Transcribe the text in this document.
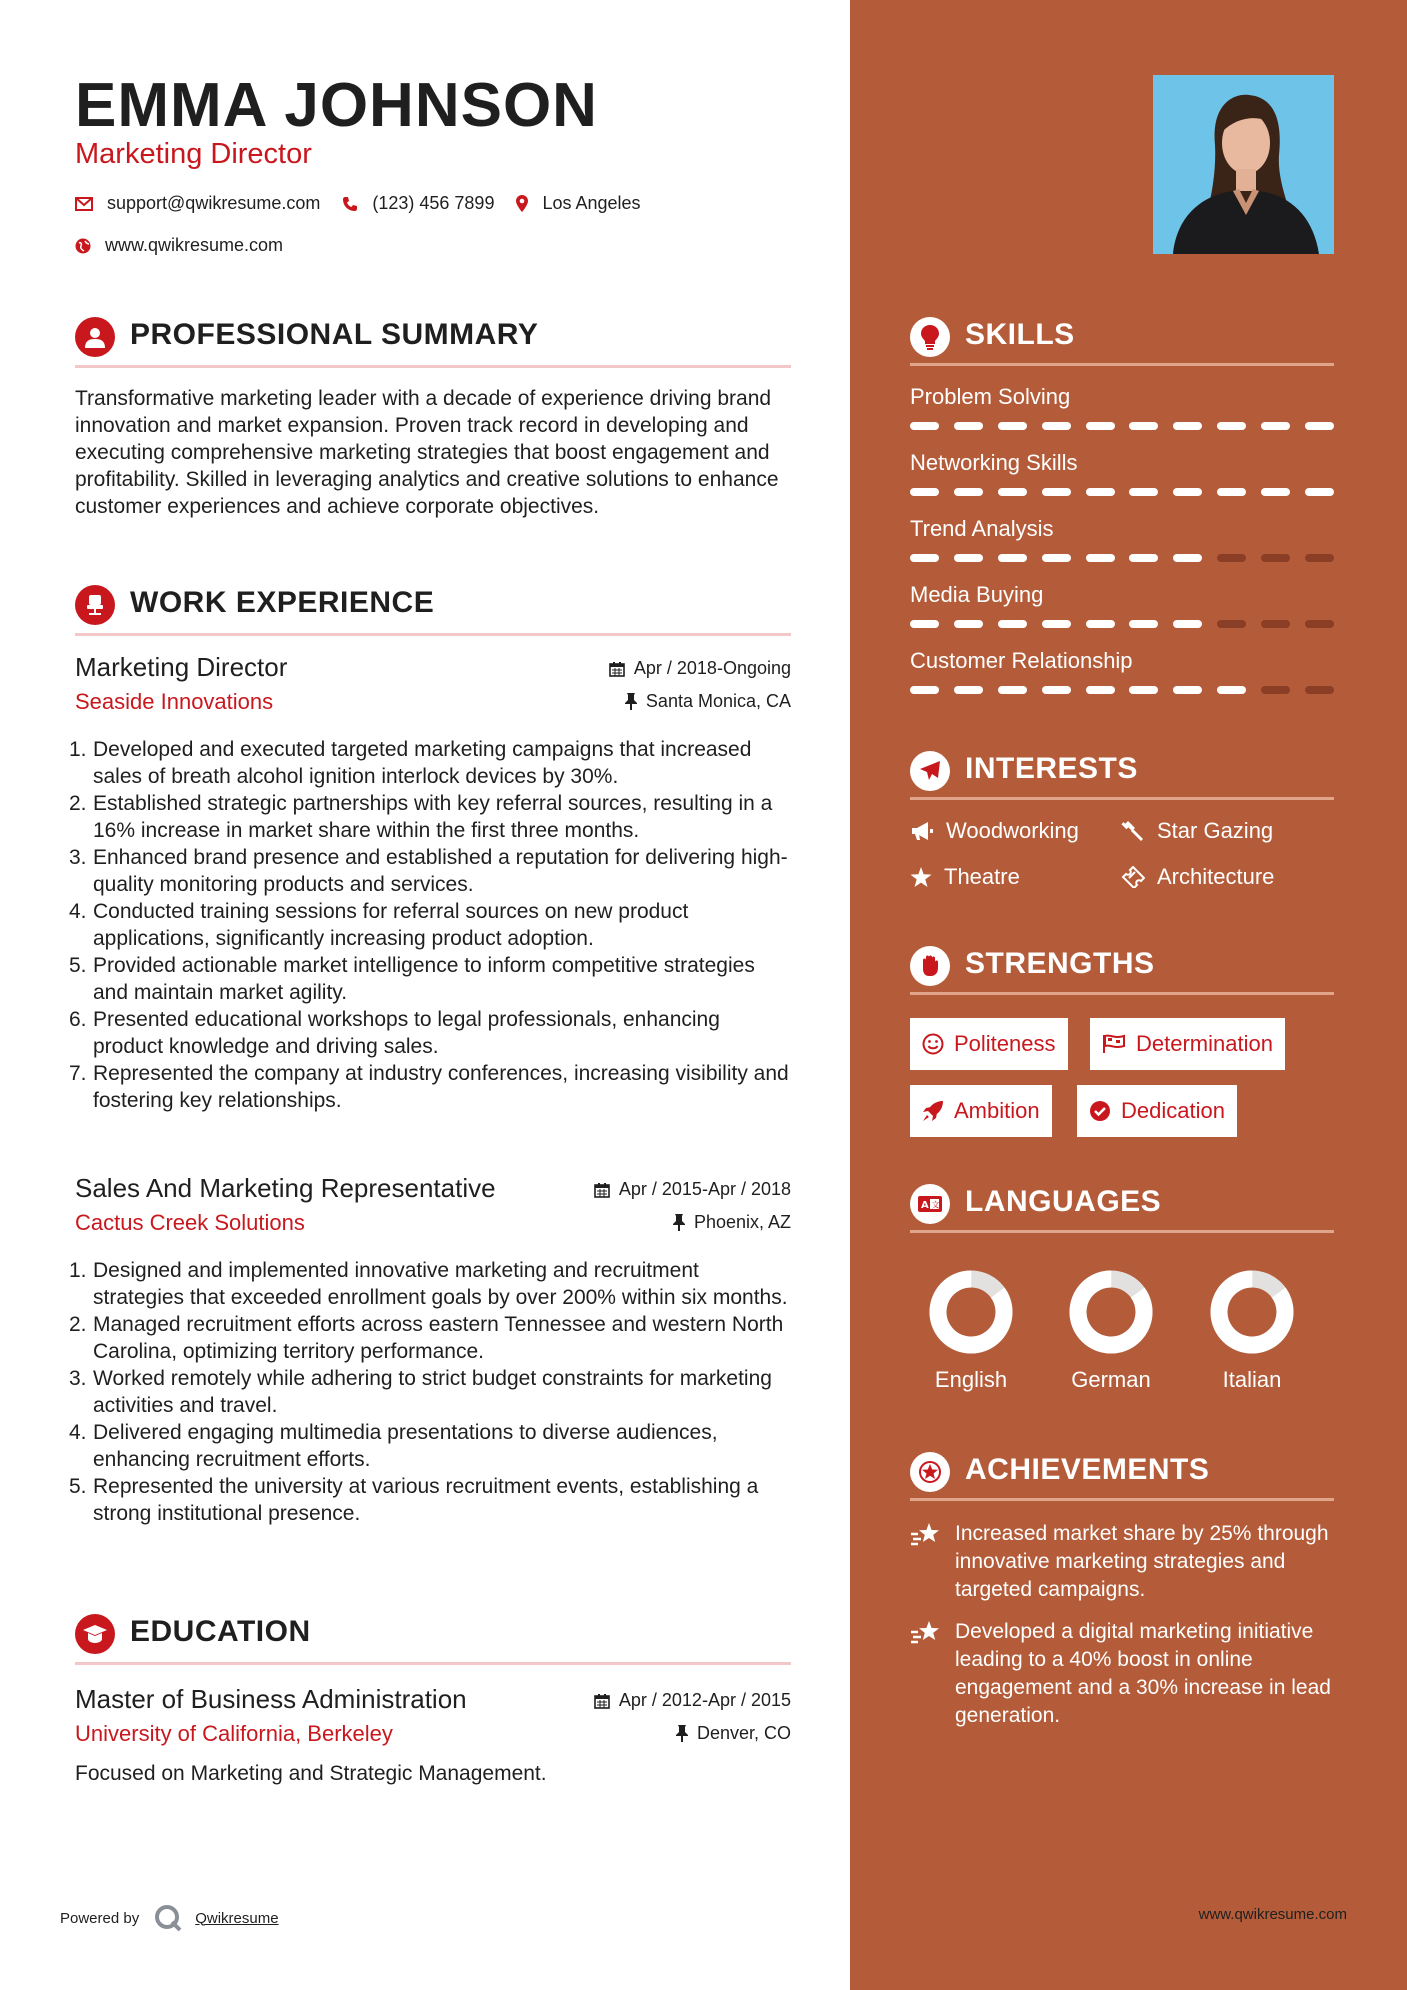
EMMA JOHNSON
Marketing Director
support@qwikresume.com	(123) 456 7899	Los Angeles
www.qwikresume.com
PROFESSIONAL SUMMARY
Transformative marketing leader with a decade of experience driving brand innovation and market expansion. Proven track record in developing and executing comprehensive marketing strategies that boost engagement and profitability. Skilled in leveraging analytics and creative solutions to enhance customer experiences and achieve corporate objectives.
WORK EXPERIENCE
Marketing Director
Seaside Innovations
Apr / 2018-Ongoing
Santa Monica, CA
1. Developed and executed targeted marketing campaigns that increased sales of breath alcohol ignition interlock devices by 30%.
2. Established strategic partnerships with key referral sources, resulting in a 16% increase in market share within the first three months.
3. Enhanced brand presence and established a reputation for delivering high-quality monitoring products and services.
4. Conducted training sessions for referral sources on new product applications, significantly increasing product adoption.
5. Provided actionable market intelligence to inform competitive strategies and maintain market agility.
6. Presented educational workshops to legal professionals, enhancing product knowledge and driving sales.
7. Represented the company at industry conferences, increasing visibility and fostering key relationships.
Sales And Marketing Representative
Cactus Creek Solutions
Apr / 2015-Apr / 2018
Phoenix, AZ
1. Designed and implemented innovative marketing and recruitment strategies that exceeded enrollment goals by over 200% within six months.
2. Managed recruitment efforts across eastern Tennessee and western North Carolina, optimizing territory performance.
3. Worked remotely while adhering to strict budget constraints for marketing activities and travel.
4. Delivered engaging multimedia presentations to diverse audiences, enhancing recruitment efforts.
5. Represented the university at various recruitment events, establishing a strong institutional presence.
EDUCATION
Master of Business Administration
University of California, Berkeley
Apr / 2012-Apr / 2015
Denver, CO
Focused on Marketing and Strategic Management.
Powered by	Qwikresume	www.qwikresume.com
SKILLS
Problem Solving
Networking Skills
Trend Analysis
Media Buying
Customer Relationship
INTERESTS
Woodworking	Star Gazing
Theatre	Architecture
STRENGTHS
Politeness	Determination
Ambition	Dedication
A 文 LANGUAGES
English	German	Italian
ACHIEVEMENTS
Increased market share by 25% through innovative marketing strategies and targeted campaigns.
Developed a digital marketing initiative leading to a 40% boost in online engagement and a 30% increase in lead generation.
